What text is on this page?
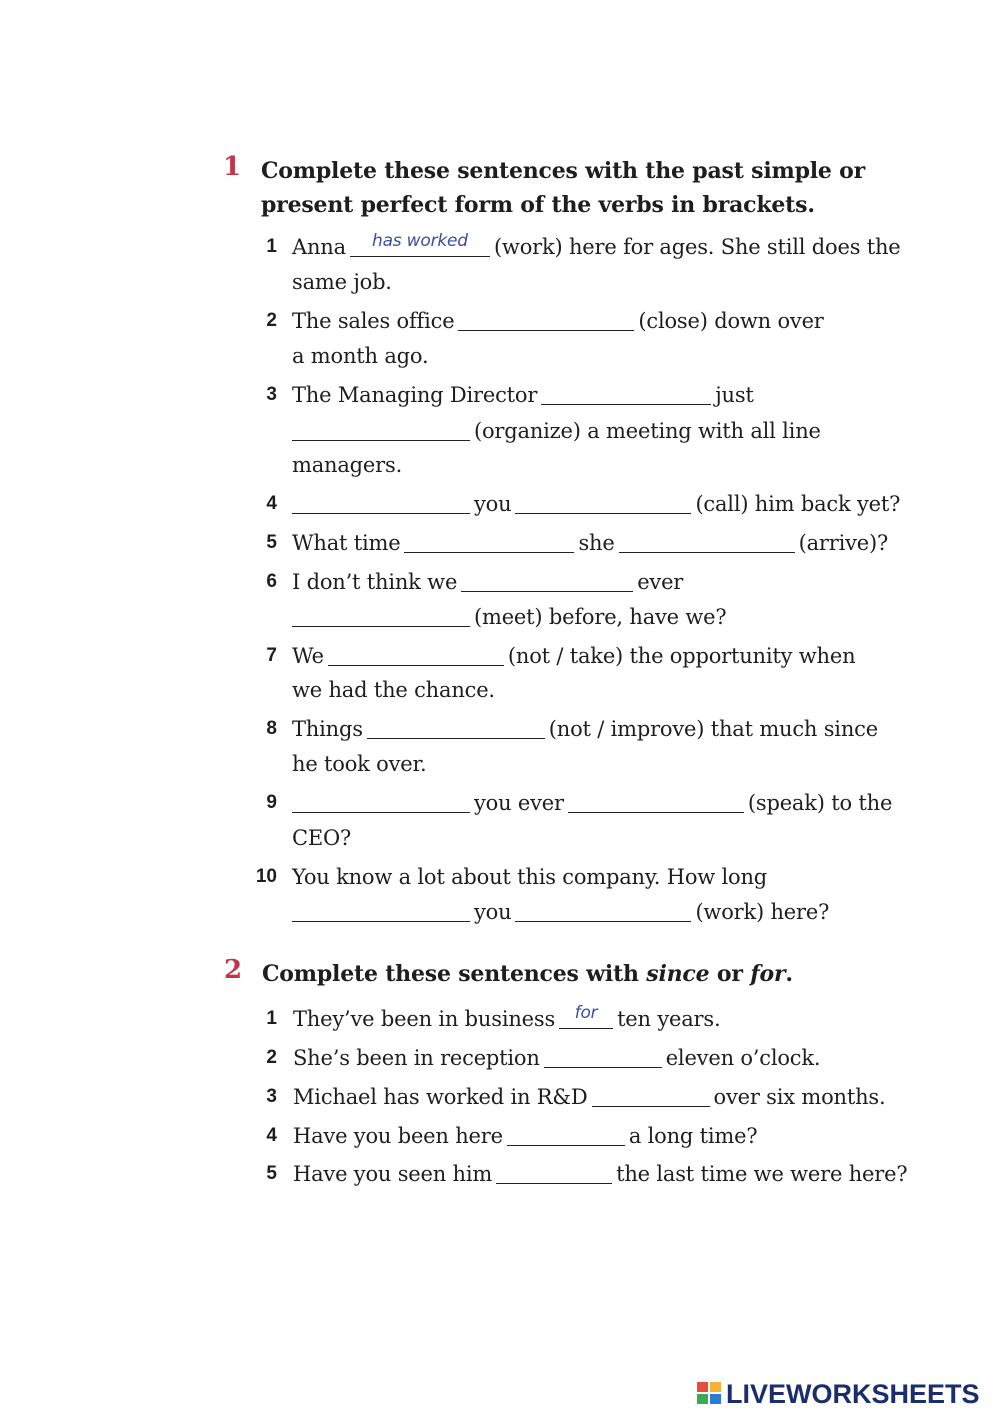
1 Complete these sentences with the past simple or
present perfect form of the verbs in brackets.
1 Anna	has worked	(work) here for ages. She still does the
same job.
2 The sales office	(close) down over
a month ago.
3 The Managing Director	just
(organize) a meeting with all line
managers.
4	you	(call) him back yet?
5 What time	she	(arrive)?
6 I don’t think we	ever
(meet) before, have we?
7 We	(not / take) the opportunity when
we had the chance.
8 Things	(not / improve) that much since
he took over.
9	you ever	(speak) to the
CEO?
10 You know a lot about this company. How long
you	(work) here?
2 Complete these sentences with since or for.
1 They’ve been in business	for ten years.
2 She’s been in reception	eleven o’clock.
3 Michael has worked in R&D	over six months.
4 Have you been here	a long time?
5 Have you seen him	the last time we were here?
LIVEWORKSHEETS
